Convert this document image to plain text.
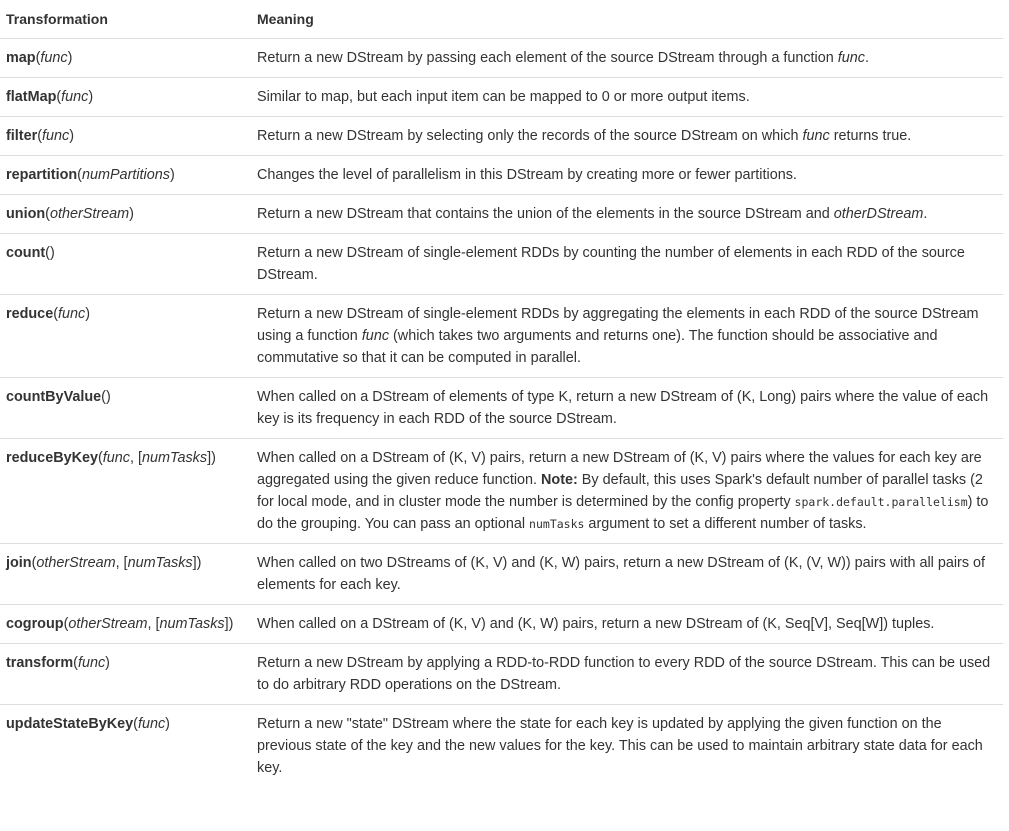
Transformation	Meaning
map(func)	Return a new DStream by passing each element of the source DStream through a function func.
flatMap(func)	Similar to map, but each input item can be mapped to 0 or more output items.
filter(func)	Return a new DStream by selecting only the records of the source DStream on which func returns true.
repartition(numPartitions)	Changes the level of parallelism in this DStream by creating more or fewer partitions.
union(otherStream)	Return a new DStream that contains the union of the elements in the source DStream and otherDStream.
count()	Return a new DStream of single-element RDDs by counting the number of elements in each RDD of the source DStream.
reduce(func)	Return a new DStream of single-element RDDs by aggregating the elements in each RDD of the source DStream using a function func (which takes two arguments and returns one). The function should be associative and commutative so that it can be computed in parallel.
countByValue()	When called on a DStream of elements of type K, return a new DStream of (K, Long) pairs where the value of each key is its frequency in each RDD of the source DStream.
reduceByKey(func, [numTasks])	When called on a DStream of (K, V) pairs, return a new DStream of (K, V) pairs where the values for each key are aggregated using the given reduce function. Note: By default, this uses Spark's default number of parallel tasks (2 for local mode, and in cluster mode the number is determined by the config property spark.default.parallelism) to do the grouping. You can pass an optional numTasks argument to set a different number of tasks.
join(otherStream, [numTasks])	When called on two DStreams of (K, V) and (K, W) pairs, return a new DStream of (K, (V, W)) pairs with all pairs of elements for each key.
cogroup(otherStream, [numTasks])	When called on a DStream of (K, V) and (K, W) pairs, return a new DStream of (K, Seq[V], Seq[W]) tuples.
transform(func)	Return a new DStream by applying a RDD-to-RDD function to every RDD of the source DStream. This can be used to do arbitrary RDD operations on the DStream.
updateStateByKey(func)	Return a new "state" DStream where the state for each key is updated by applying the given function on the previous state of the key and the new values for the key. This can be used to maintain arbitrary state data for each key.
